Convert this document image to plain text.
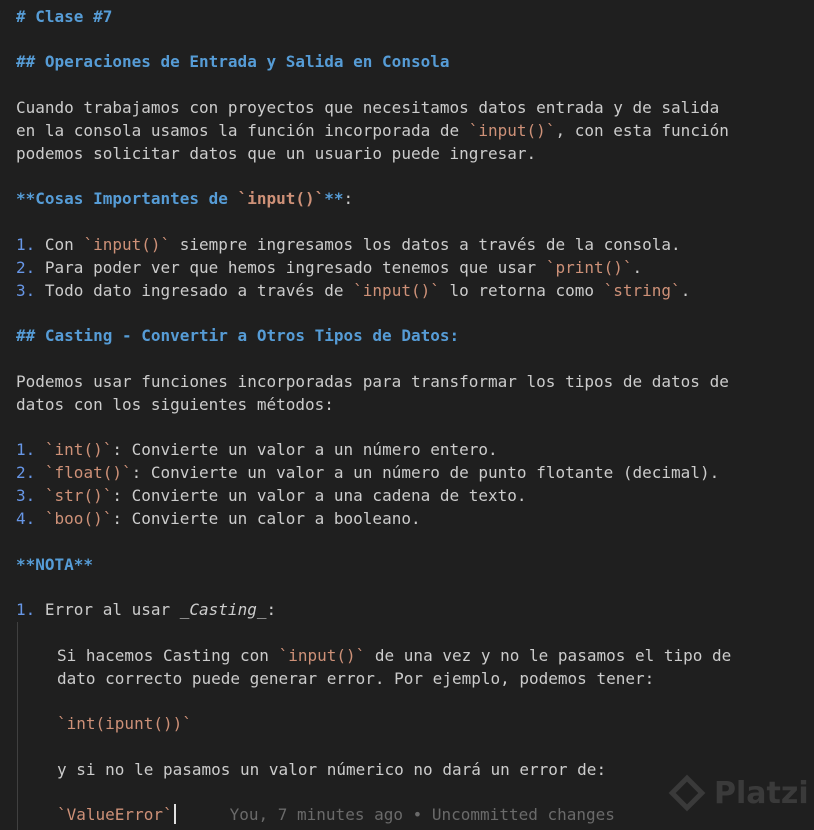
# Clase #7
## Operaciones de Entrada y Salida en Consola
Cuando trabajamos con proyectos que necesitamos datos entrada y de salida
en la consola usamos la función incorporada de `input()`, con esta función
podemos solicitar datos que un usuario puede ingresar.
**Cosas Importantes de `input()`**:
1. Con `input()` siempre ingresamos los datos a través de la consola.
2. Para poder ver que hemos ingresado tenemos que usar `print()`.
3. Todo dato ingresado a través de `input()` lo retorna como `string`.
## Casting - Convertir a Otros Tipos de Datos:
Podemos usar funciones incorporadas para transformar los tipos de datos de
datos con los siguientes métodos:
1. `int()`: Convierte un valor a un número entero.
2. `float()`: Convierte un valor a un número de punto flotante (decimal).
3. `str()`: Convierte un valor a una cadena de texto.
4. `boo()`: Convierte un calor a booleano.
**NOTA**
1. Error al usar _Casting_:
Si hacemos Casting con `input()` de una vez y no le pasamos el tipo de
dato correcto puede generar error. Por ejemplo, podemos tener:
`int(ipunt())`
y si no le pasamos un valor númerico no dará un error de:
`ValueError`	You, 7 minutes ago • Uncommitted changes
Platzi
